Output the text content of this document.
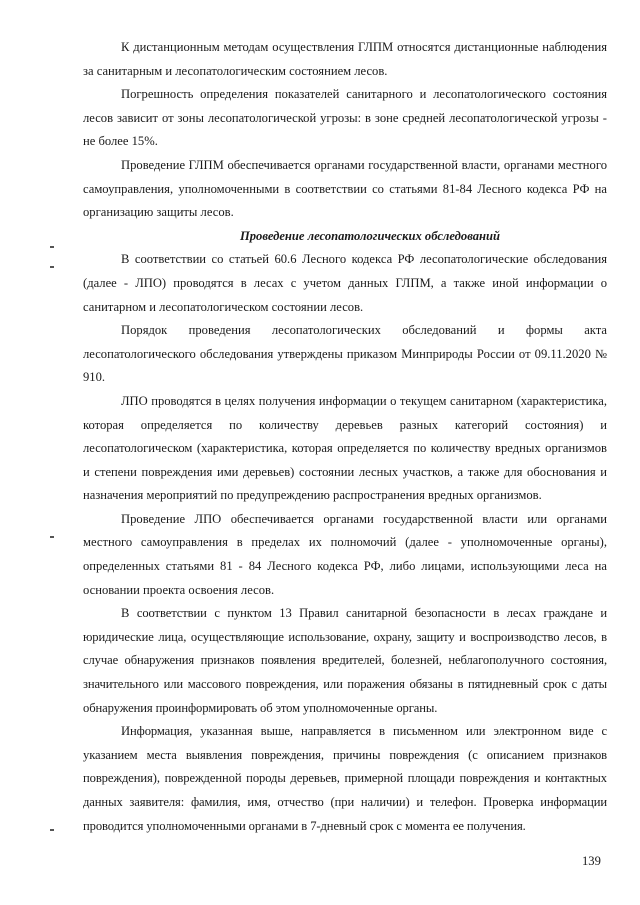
К дистанционным методам осуществления ГЛПМ относятся дистанционные наблюдения за санитарным и лесопатологическим состоянием лесов.

Погрешность определения показателей санитарного и лесопатологического состояния лесов зависит от зоны лесопатологической угрозы: в зоне средней лесопатологической угрозы - не более 15%.

Проведение ГЛПМ обеспечивается органами государственной власти, органами местного самоуправления, уполномоченными в соответствии со статьями 81-84 Лесного кодекса РФ на организацию защиты лесов.

Проведение лесопатологических обследований

В соответствии со статьей 60.6 Лесного кодекса РФ лесопатологические обследования (далее - ЛПО) проводятся в лесах с учетом данных ГЛПМ, а также иной информации о санитарном и лесопатологическом состоянии лесов.

Порядок проведения лесопатологических обследований и формы акта лесопатологического обследования утверждены приказом Минприроды России от 09.11.2020 № 910.

ЛПО проводятся в целях получения информации о текущем санитарном (характеристика, которая определяется по количеству деревьев разных категорий состояния) и лесопатологическом (характеристика, которая определяется по количеству вредных организмов и степени повреждения ими деревьев) состоянии лесных участков, а также для обоснования и назначения мероприятий по предупреждению распространения вредных организмов.

Проведение ЛПО обеспечивается органами государственной власти или органами местного самоуправления в пределах их полномочий (далее - уполномоченные органы), определенных статьями 81 - 84 Лесного кодекса РФ, либо лицами, использующими леса на основании проекта освоения лесов.

В соответствии с пунктом 13 Правил санитарной безопасности в лесах граждане и юридические лица, осуществляющие использование, охрану, защиту и воспроизводство лесов, в случае обнаружения признаков появления вредителей, болезней, неблагополучного состояния, значительного или массового повреждения, или поражения обязаны в пятидневный срок с даты обнаружения проинформировать об этом уполномоченные органы.

Информация, указанная выше, направляется в письменном или электронном виде с указанием места выявления повреждения, причины повреждения (с описанием признаков повреждения), поврежденной породы деревьев, примерной площади повреждения и контактных данных заявителя: фамилия, имя, отчество (при наличии) и телефон. Проверка информации проводится уполномоченными органами в 7-дневный срок с момента ее получения.

139
